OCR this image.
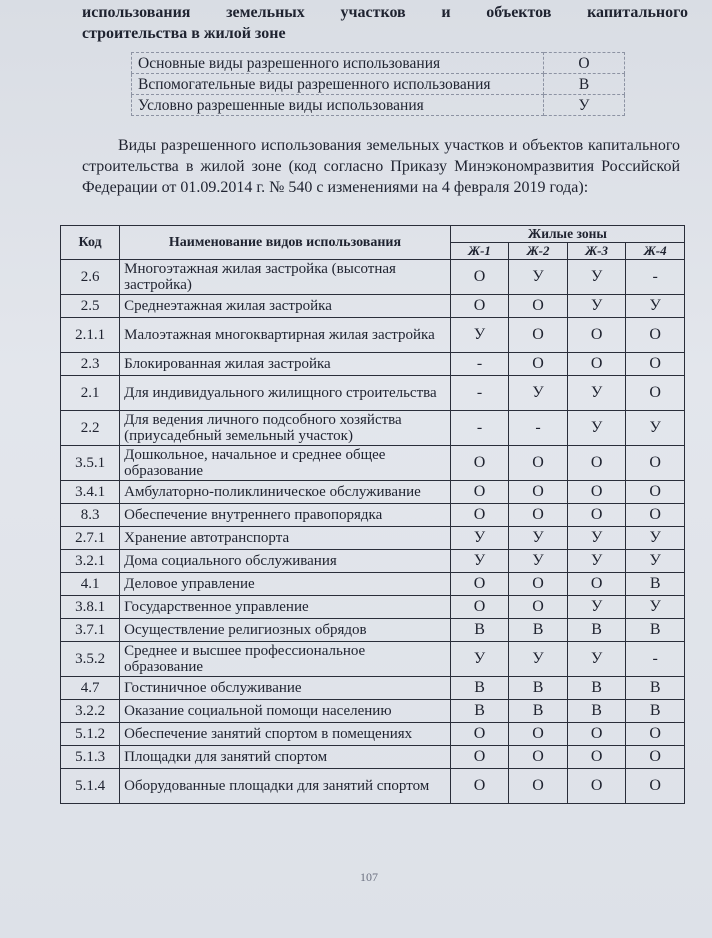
использования земельных участков и объектов капитального
строительства в жилой зоне
Основные виды разрешенного использования	О
Вспомогательные виды разрешенного использования	В
Условно разрешенные виды использования	У
Виды разрешенного использования земельных участков и объектов капитального строительства в жилой зоне (код согласно Приказу Минэкономразвития Российской Федерации от 01.09.2014 г. № 540 с изменениями на 4 февраля 2019 года):
Код	Наименование видов использования	Жилые зоны			
		Ж-1	Ж-2	Ж-3	Ж-4
2.6	Многоэтажная жилая застройка (высотная застройка)	О	У	У	-
2.5	Среднеэтажная жилая застройка	О	О	У	У
2.1.1	Малоэтажная многоквартирная жилая застройка	У	О	О	О
2.3	Блокированная жилая застройка	-	О	О	О
2.1	Для индивидуального жилищного строительства	-	У	У	О
2.2	Для ведения личного подсобного хозяйства (приусадебный земельный участок)	-	-	У	У
3.5.1	Дошкольное, начальное и среднее общее образование	О	О	О	О
3.4.1	Амбулаторно-поликлиническое обслуживание	О	О	О	О
8.3	Обеспечение внутреннего правопорядка	О	О	О	О
2.7.1	Хранение автотранспорта	У	У	У	У
3.2.1	Дома социального обслуживания	У	У	У	У
4.1	Деловое управление	О	О	О	В
3.8.1	Государственное управление	О	О	У	У
3.7.1	Осуществление религиозных обрядов	В	В	В	В
3.5.2	Среднее и высшее профессиональное образование	У	У	У	-
4.7	Гостиничное обслуживание	В	В	В	В
3.2.2	Оказание социальной помощи населению	В	В	В	В
5.1.2	Обеспечение занятий спортом в помещениях	О	О	О	О
5.1.3	Площадки для занятий спортом	О	О	О	О
5.1.4	Оборудованные площадки для занятий спортом	О	О	О	О
107
